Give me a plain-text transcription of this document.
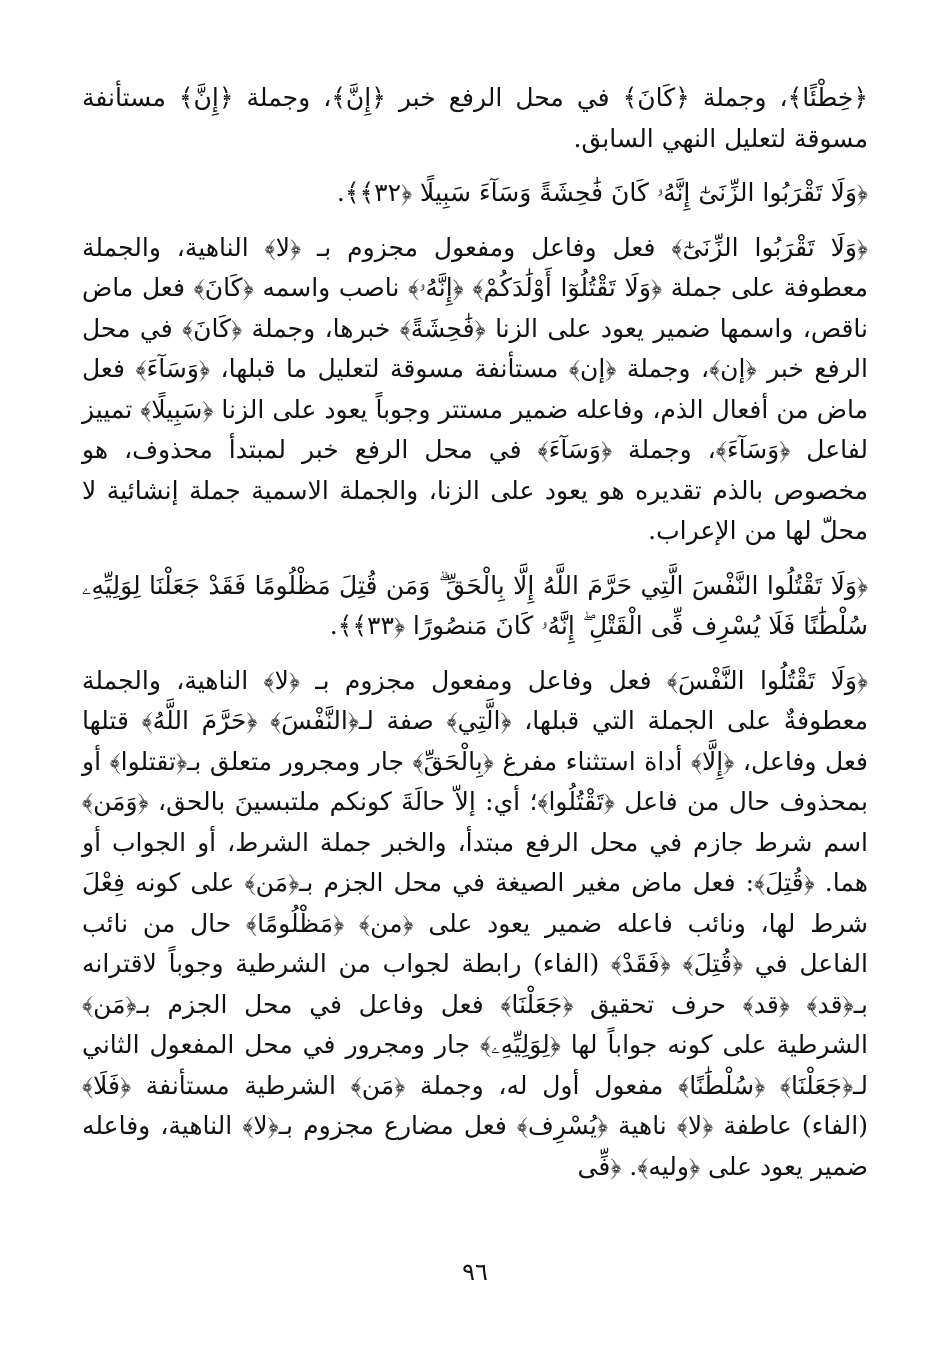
﴿خِطْئًا﴾، وجملة ﴿كَانَ﴾ في محل الرفع خبر ﴿إِنَّ﴾، وجملة ﴿إِنَّ﴾ مستأنفة مسوقة لتعليل النهي السابق.

﴿وَلَا تَقْرَبُوا الزِّنَىٰٓ إِنَّهُۥ كَانَ فَٰحِشَةً وَسَآءَ سَبِيلًا ﴿٣٢﴾﴾.

﴿وَلَا تَقْرَبُوا الزِّنَىٰٓ﴾ فعل وفاعل ومفعول مجزوم بـ ﴿لا﴾ الناهية، والجملة معطوفة على جملة ﴿وَلَا تَقْتُلُوٓا أَوْلَٰدَكُمْ﴾ ﴿إِنَّهُۥ﴾ ناصب واسمه ﴿كَانَ﴾ فعل ماض ناقص، واسمها ضمير يعود على الزنا ﴿فَٰحِشَةً﴾ خبرها، وجملة ﴿كَانَ﴾ في محل الرفع خبر ﴿إن﴾، وجملة ﴿إن﴾ مستأنفة مسوقة لتعليل ما قبلها، ﴿وَسَآءَ﴾ فعل ماض من أفعال الذم، وفاعله ضمير مستتر وجوباً يعود على الزنا ﴿سَبِيلًا﴾ تمييز لفاعل ﴿وَسَآءَ﴾، وجملة ﴿وَسَآءَ﴾ في محل الرفع خبر لمبتدأ محذوف، هو مخصوص بالذم تقديره هو يعود على الزنا، والجملة الاسمية جملة إنشائية لا محلّ لها من الإعراب.

﴿وَلَا تَقْتُلُوا النَّفْسَ الَّتِي حَرَّمَ اللَّهُ إِلَّا بِالْحَقِّ ۗ وَمَن قُتِلَ مَظْلُومًا فَقَدْ جَعَلْنَا لِوَلِيِّهِۦ سُلْطَٰنًا فَلَا يُسْرِف فِّى الْقَتْلِ ۖ إِنَّهُۥ كَانَ مَنصُورًا ﴿٣٣﴾﴾.

﴿وَلَا تَقْتُلُوا النَّفْسَ﴾ فعل وفاعل ومفعول مجزوم بـ ﴿لا﴾ الناهية، والجملة معطوفةٌ على الجملة التي قبلها، ﴿الَّتِي﴾ صفة لـ﴿النَّفْسَ﴾ ﴿حَرَّمَ اللَّهُ﴾ قتلها فعل وفاعل، ﴿إِلَّا﴾ أداة استثناء مفرغ ﴿بِالْحَقِّ﴾ جار ومجرور متعلق بـ﴿تقتلوا﴾ أو بمحذوف حال من فاعل ﴿تَقْتُلُوا﴾؛ أي: إلاّ حالَةَ كونكم ملتبسينَ بالحق، ﴿وَمَن﴾ اسم شرط جازم في محل الرفع مبتدأ، والخبر جملة الشرط، أو الجواب أو هما. ﴿قُتِلَ﴾: فعل ماض مغير الصيغة في محل الجزم بـ﴿مَن﴾ على كونه فِعْلَ شرط لها، ونائب فاعله ضمير يعود على ﴿من﴾ ﴿مَظْلُومًا﴾ حال من نائب الفاعل في ﴿قُتِلَ﴾ ﴿فَقَدْ﴾ (الفاء) رابطة لجواب من الشرطية وجوباً لاقترانه بـ﴿قد﴾ ﴿قد﴾ حرف تحقيق ﴿جَعَلْنَا﴾ فعل وفاعل في محل الجزم بـ﴿مَن﴾ الشرطية على كونه جواباً لها ﴿لِوَلِيِّهِۦ﴾ جار ومجرور في محل المفعول الثاني لـ﴿جَعَلْنَا﴾ ﴿سُلْطَٰنًا﴾ مفعول أول له، وجملة ﴿مَن﴾ الشرطية مستأنفة ﴿فَلَا﴾ (الفاء) عاطفة ﴿لا﴾ ناهية ﴿يُسْرِف﴾ فعل مضارع مجزوم بـ﴿لا﴾ الناهية، وفاعله ضمير يعود على ﴿وليه﴾. ﴿فِّى

٩٦
